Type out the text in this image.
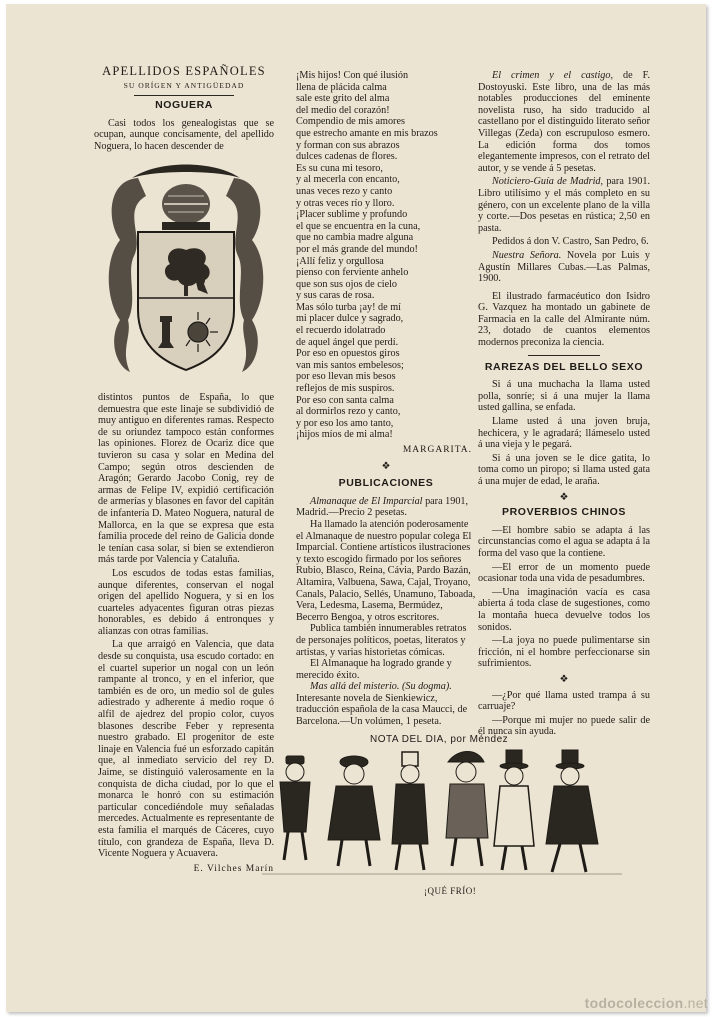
APELLIDOS ESPAÑOLES
SU ORÍGEN Y ANTIGÜEDAD
NOGUERA

Casi todos los genealogistas que se ocupan, aunque concisamente, del apellido Noguera, lo hacen descender de

distintos puntos de España, lo que demuestra que este linaje se subdividió de muy antiguo en diferentes ramas. Respecto de su oriundez tampoco están conformes las opiniones. Florez de Ocariz dice que tuvieron su casa y solar en Medina del Campo; según otros descienden de Aragón; Gerardo Jacobo Conig, rey de armas de Felipe IV, expidió certificación de armerías y blasones en favor del capitán de infantería D. Mateo Noguera, natural de Mallorca, en la que se expresa que esta familia procede del reino de Galicia donde le tenían casa solar, si bien se extendieron más tarde por Valencia y Cataluña.

Los escudos de todas estas familias, aunque diferentes, conservan el nogal origen del apellido Noguera, y si en los cuarteles adyacentes figuran otras piezas honorables, es debido á entronques y alianzas con otras familias.

La que arraigó en Valencia, que data desde su conquista, usa escudo cortado: en el cuartel superior un nogal con un león rampante al tronco, y en el inferior, que también es de oro, un medio sol de gules adiestrado y adherente á medio roque ó alfil de ajedrez del propio color, cuyos blasones describe Feber y representa nuestro grabado. El progenitor de este linaje en Valencia fué un esforzado capitán que, al inmediato servicio del rey D. Jaime, se distinguió valerosamente en la conquista de dicha ciudad, por lo que el monarca le honró con su estimación particular concediéndole muy señaladas mercedes. Actualmente es representante de esta familia el marqués de Cáceres, cuyo título, con grandeza de España, lleva D. Vicente Noguera y Acuavera.

E. Vilches Marín

¡Mis hijos! Con qué ilusión

llena de plácida calma

sale este grito del alma

del medio del corazón!

Compendio de mis amores

que estrecho amante en mis brazos

y forman con sus abrazos

dulces cadenas de flores.

Es su cuna mi tesoro,

y al mecerla con encanto,

unas veces rezo y canto

y otras veces río y lloro.

¡Placer sublime y profundo

el que se encuentra en la cuna,

que no cambia madre alguna

por el más grande del mundo!

¡Allí feliz y orgullosa

pienso con ferviente anhelo

que son sus ojos de cielo

y sus caras de rosa.

Mas sólo turba ¡ay! de mí

mi placer dulce y sagrado,

el recuerdo idolatrado

de aquel ángel que perdí.

Por eso en opuestos giros

van mis santos embelesos;

por eso llevan mis besos

reflejos de mis suspiros.

Por eso con santa calma

al dormirlos rezo y canto,

y por eso los amo tanto,

¡hijos míos de mi alma!

MARGARITA.
❖
PUBLICACIONES

Almanaque de El Imparcial para 1901, Madrid.—Precio 2 pesetas.

Ha llamado la atención poderosamente el Almanaque de nuestro popular colega El Imparcial. Contiene artísticos ilustraciones y texto escogido firmado por los señores Rubio, Blasco, Reina, Cávia, Pardo Bazán, Altamira, Valbuena, Sawa, Cajal, Troyano, Canals, Palacio, Sellés, Unamuno, Taboada, Vera, Ledesma, Lasema, Bermúdez, Becerro Bengoa, y otros escritores.

Publica también innumerables retratos de personajes políticos, poetas, literatos y artistas, y varias historietas cómicas.

El Almanaque ha logrado grande y merecido éxito.

Mas allá del misterio. (Su dogma). Interesante novela de Sienkiewicz, traducción española de la casa Maucci, de Barcelona.—Un volúmen, 1 peseta.

El crimen y el castigo, de F. Dostoyuski. Este libro, una de las más notables producciones del eminente novelista ruso, ha sido traducido al castellano por el distinguido literato señor Villegas (Zeda) con escrupuloso esmero. La edición forma dos tomos elegantemente impresos, con el retrato del autor, y se vende á 5 pesetas.

Noticiero-Guía de Madrid, para 1901. Libro utilísimo y el más completo en su género, con un excelente plano de la villa y corte.—Dos pesetas en rústica; 2,50 en pasta.

Pedidos á don V. Castro, San Pedro, 6.

Nuestra Señora. Novela por Luis y Agustín Millares Cubas.—Las Palmas, 1900.

El ilustrado farmacéutico don Isidro G. Vazquez ha montado un gabinete de Farmacia en la calle del Almirante núm. 23, dotado de cuantos elementos modernos preconiza la ciencia.

RAREZAS DEL BELLO SEXO

Si á una muchacha la llama usted polla, sonríe; si á una mujer la llama usted gallina, se enfada.

Llame usted á una joven bruja, hechicera, y le agradará; llámeselo usted á una vieja y le pegará.

Si á una joven se le dice gatita, lo toma como un piropo; si llama usted gata á una mujer de edad, le araña.

❖
PROVERBIOS CHINOS

—El hombre sabio se adapta á las circunstancias como el agua se adapta á la forma del vaso que la contiene.

—El error de un momento puede ocasionar toda una vida de pesadumbres.

—Una imaginación vacía es casa abierta á toda clase de sugestiones, como la montaña hueca devuelve todos los sonidos.

—La joya no puede pulimentarse sin fricción, ni el hombre perfeccionarse sin sufrimientos.

❖

—¿Por qué llama usted trampa á su carruaje?

—Porque mi mujer no puede salir de él nunca sin ayuda.

NOTA DEL DIA, por Méndez
¡QUÉ FRÍO!
todocoleccion.net
